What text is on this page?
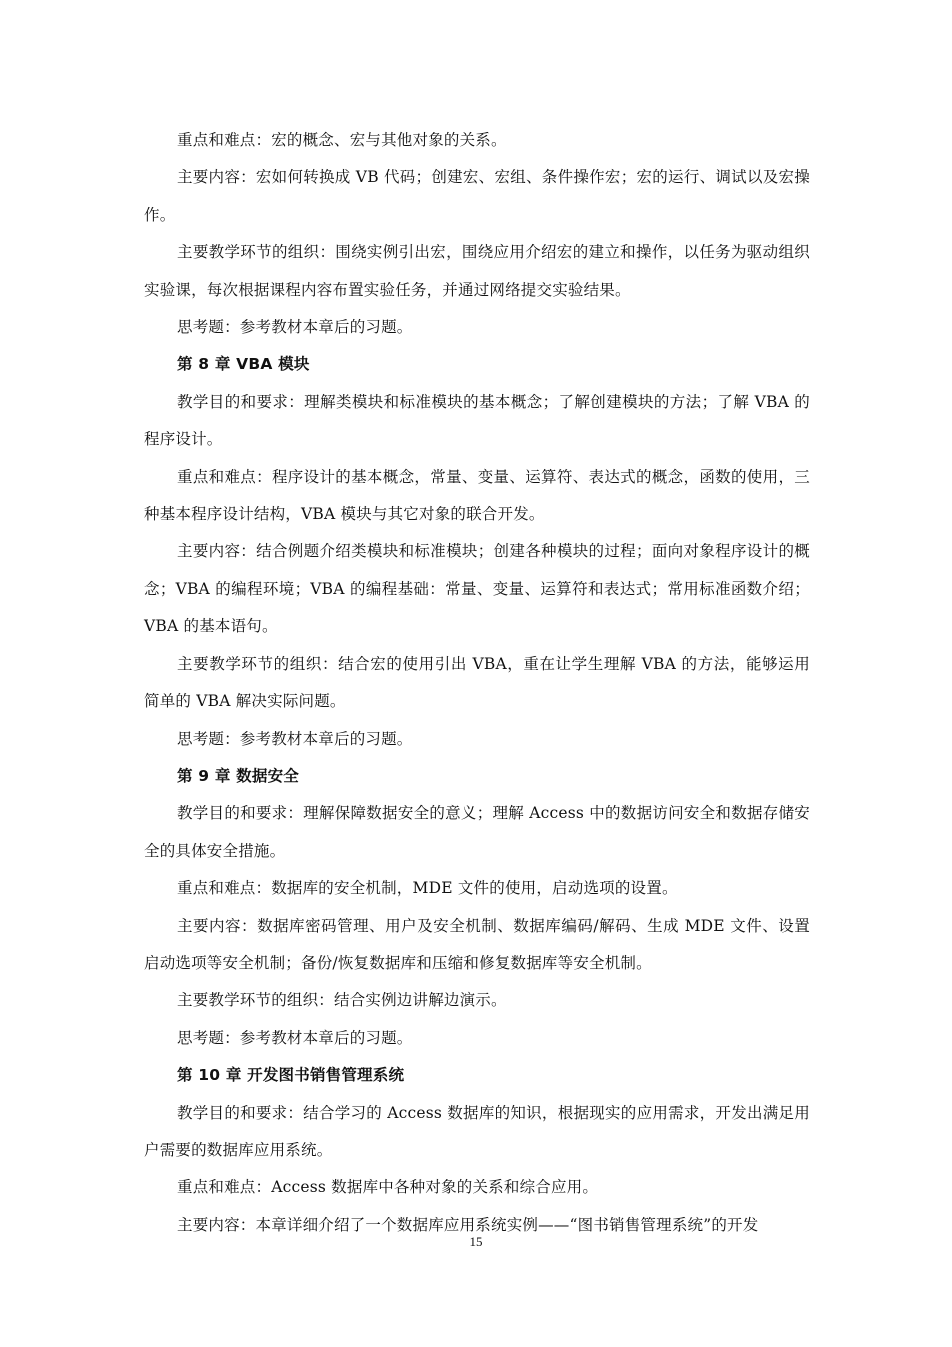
重点和难点：宏的概念、宏与其他对象的关系。

主要内容：宏如何转换成 VB 代码；创建宏、宏组、条件操作宏；宏的运行、调试以及宏操作。

主要教学环节的组织：围绕实例引出宏，围绕应用介绍宏的建立和操作，以任务为驱动组织实验课，每次根据课程内容布置实验任务，并通过网络提交实验结果。

思考题：参考教材本章后的习题。

第 8 章 VBA 模块

教学目的和要求：理解类模块和标准模块的基本概念；了解创建模块的方法；了解 VBA 的程序设计。

重点和难点：程序设计的基本概念，常量、变量、运算符、表达式的概念，函数的使用，三种基本程序设计结构，VBA 模块与其它对象的联合开发。

主要内容：结合例题介绍类模块和标准模块；创建各种模块的过程；面向对象程序设计的概念；VBA 的编程环境；VBA 的编程基础：常量、变量、运算符和表达式；常用标准函数介绍；VBA 的基本语句。

主要教学环节的组织：结合宏的使用引出 VBA，重在让学生理解 VBA 的方法，能够运用简单的 VBA 解决实际问题。

思考题：参考教材本章后的习题。

第 9 章 数据安全

教学目的和要求：理解保障数据安全的意义；理解 Access 中的数据访问安全和数据存储安全的具体安全措施。

重点和难点：数据库的安全机制，MDE 文件的使用，启动选项的设置。

主要内容：数据库密码管理、用户及安全机制、数据库编码/解码、生成 MDE 文件、设置启动选项等安全机制；备份/恢复数据库和压缩和修复数据库等安全机制。

主要教学环节的组织：结合实例边讲解边演示。

思考题：参考教材本章后的习题。

第 10 章 开发图书销售管理系统

教学目的和要求：结合学习的 Access 数据库的知识，根据现实的应用需求，开发出满足用户需要的数据库应用系统。

重点和难点：Access 数据库中各种对象的关系和综合应用。

主要内容：本章详细介绍了一个数据库应用系统实例——“图书销售管理系统”的开发

15
